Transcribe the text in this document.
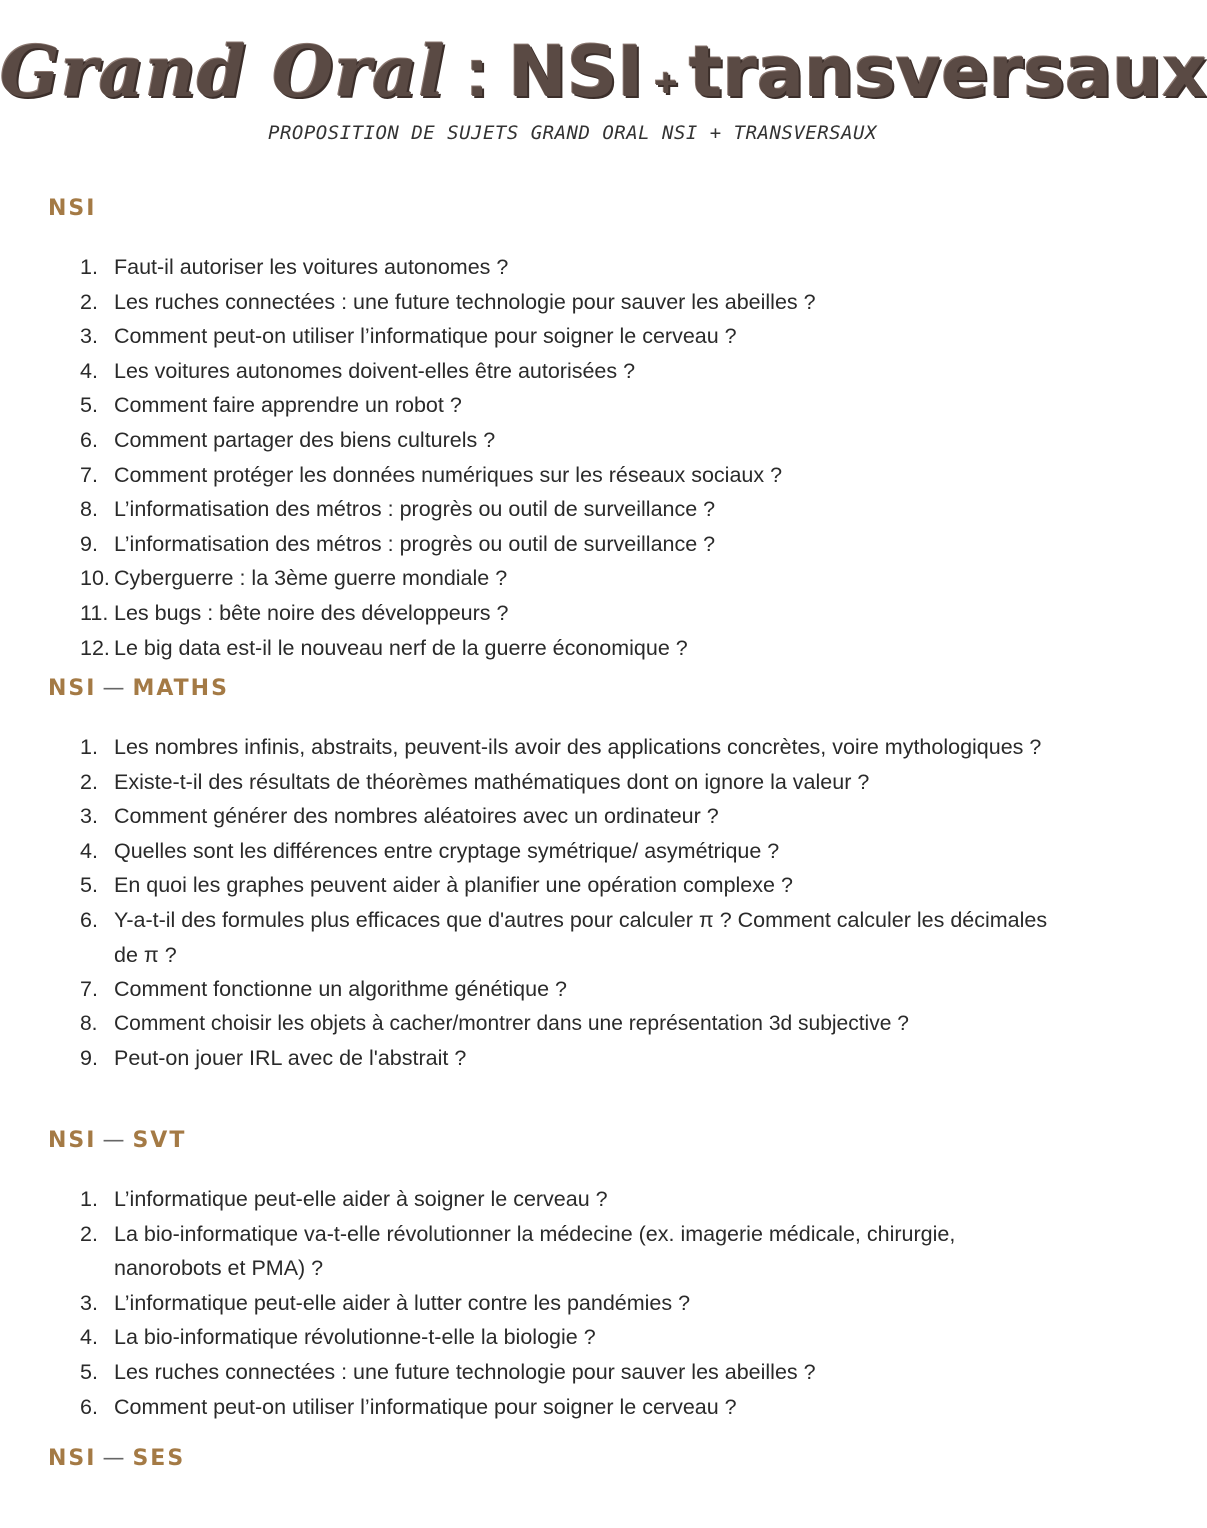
Grand Oral : NSI + transversaux
PROPOSITION DE SUJETS GRAND ORAL NSI + TRANSVERSAUX
NSI
1. Faut-il autoriser les voitures autonomes ?
2. Les ruches connectées : une future technologie pour sauver les abeilles ?
3. Comment peut-on utiliser l’informatique pour soigner le cerveau ?
4. Les voitures autonomes doivent-elles être autorisées ?
5. Comment faire apprendre un robot ?
6. Comment partager des biens culturels ?
7. Comment protéger les données numériques sur les réseaux sociaux ?
8. L’informatisation des métros : progrès ou outil de surveillance ?
9. L’informatisation des métros : progrès ou outil de surveillance ?
10. Cyberguerre : la 3ème guerre mondiale ?
11. Les bugs : bête noire des développeurs ?
12. Le big data est-il le nouveau nerf de la guerre économique ?
NSI — MATHS
1. Les nombres infinis, abstraits, peuvent-ils avoir des applications concrètes, voire mythologiques ?
2. Existe-t-il des résultats de théorèmes mathématiques dont on ignore la valeur ?
3. Comment générer des nombres aléatoires avec un ordinateur ?
4. Quelles sont les différences entre cryptage symétrique/ asymétrique ?
5. En quoi les graphes peuvent aider à planifier une opération complexe ?
6. Y-a-t-il des formules plus efficaces que d'autres pour calculer π ? Comment calculer les décimales de π ?
7. Comment fonctionne un algorithme génétique ?
8. Comment choisir les objets à cacher/montrer dans une représentation 3d subjective ?
9. Peut-on jouer IRL avec de l'abstrait ?
NSI — SVT
1. L’informatique peut-elle aider à soigner le cerveau ?
2. La bio-informatique va-t-elle révolutionner la médecine (ex. imagerie médicale, chirurgie, nanorobots et PMA) ?
3. L’informatique peut-elle aider à lutter contre les pandémies ?
4. La bio-informatique révolutionne-t-elle la biologie ?
5. Les ruches connectées : une future technologie pour sauver les abeilles ?
6. Comment peut-on utiliser l’informatique pour soigner le cerveau ?
NSI — SES
